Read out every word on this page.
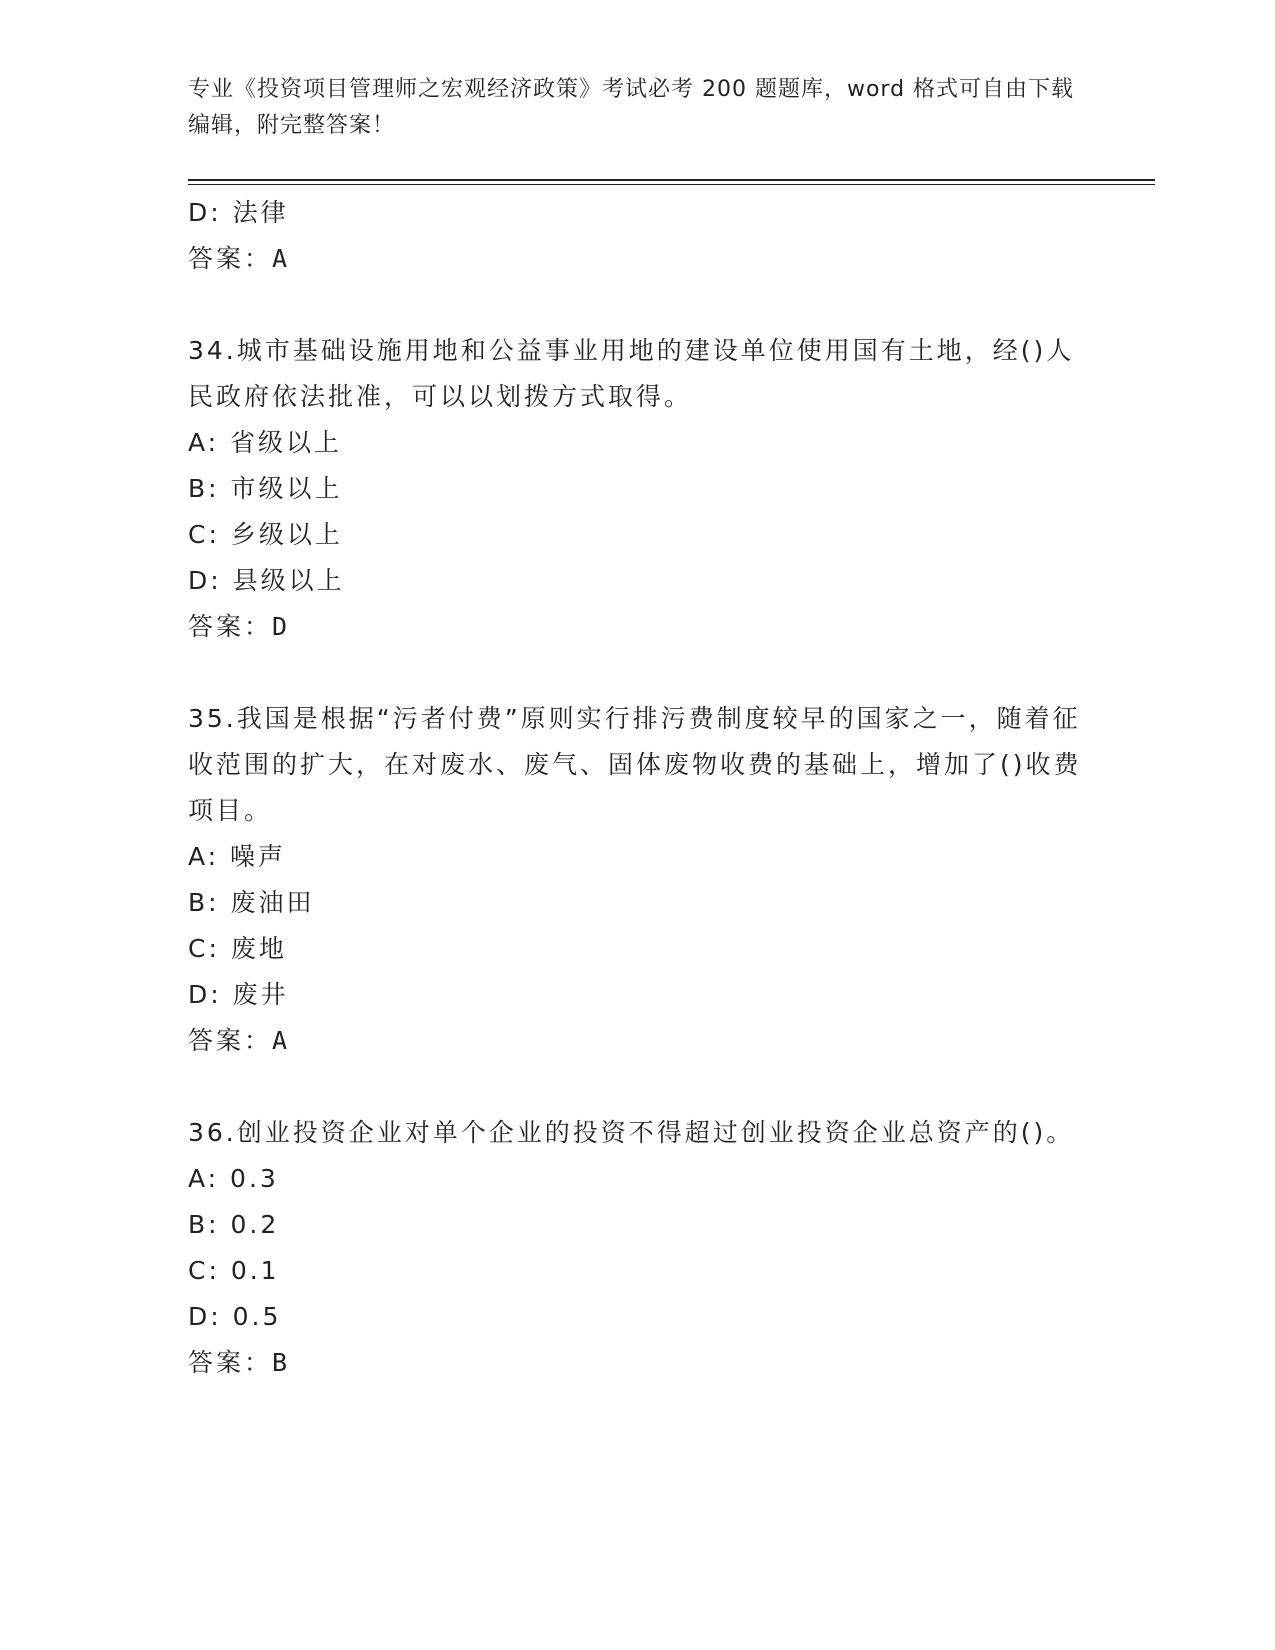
专业《投资项目管理师之宏观经济政策》考试必考 200 题题库，word 格式可自由下载编辑，附完整答案！
D: 法律
答案：A
34.城市基础设施用地和公益事业用地的建设单位使用国有土地，经()人民政府依法批准，可以以划拨方式取得。
A: 省级以上
B: 市级以上
C: 乡级以上
D: 县级以上
答案：D
35.我国是根据“污者付费”原则实行排污费制度较早的国家之一，随着征收范围的扩大，在对废水、废气、固体废物收费的基础上，增加了()收费项目。
A: 噪声
B: 废油田
C: 废地
D: 废井
答案：A
36.创业投资企业对单个企业的投资不得超过创业投资企业总资产的()。
A: 0.3
B: 0.2
C: 0.1
D: 0.5
答案：B
